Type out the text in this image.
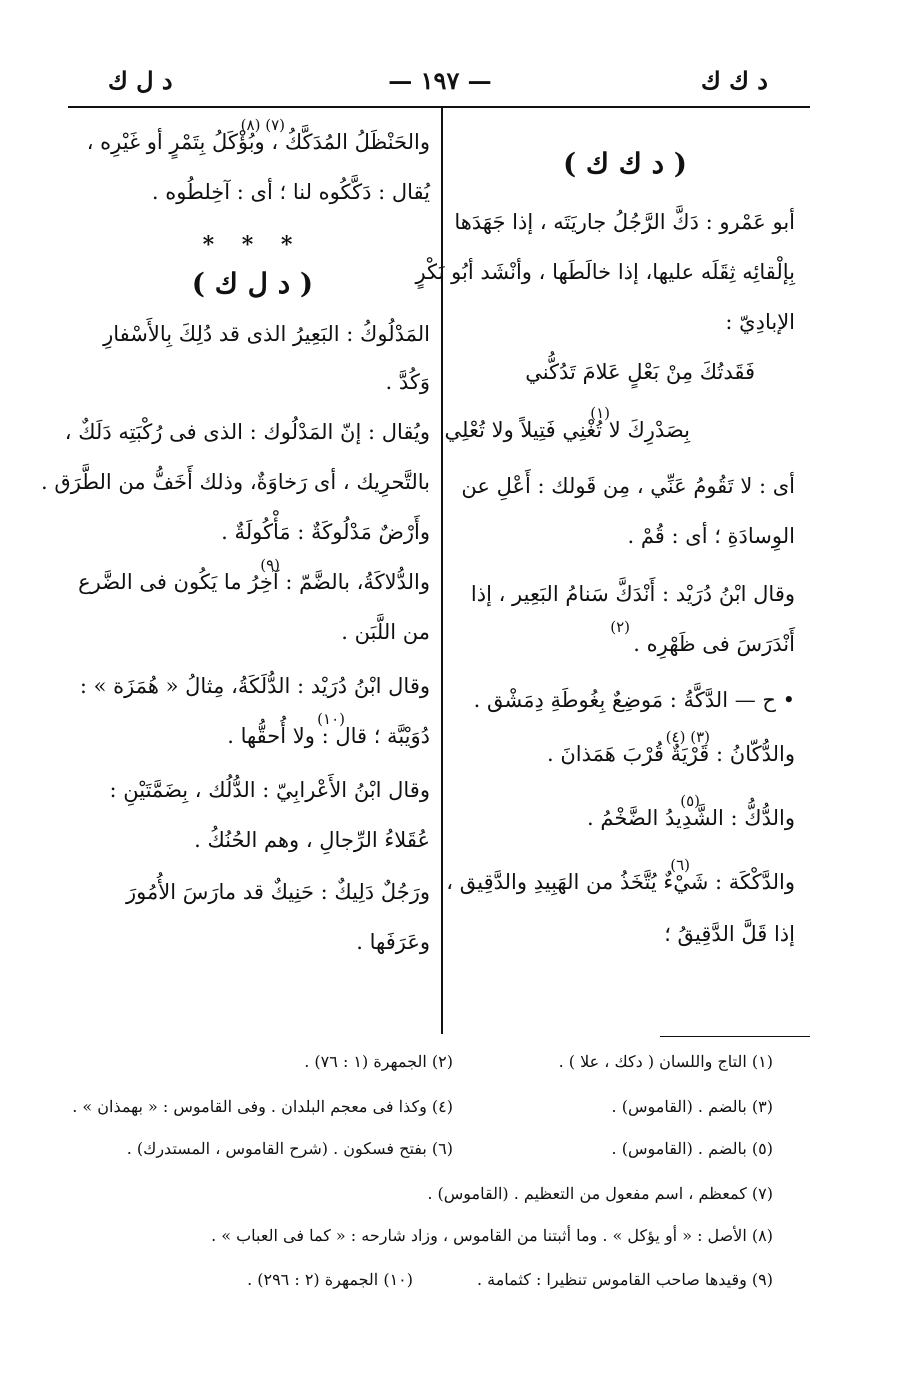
د ك ك
— ١٩٧ —
د ل ك
( د ك ك )
أبو عَمْرو : دَكَّ الرَّجُلُ جاريَتَه ، إذا جَهَدَها
بِإلْقائِه ثِقَلَه عليها، إذا خالَطَها ، وأنْشَد أبُو بَكْرٍ
الإبادِيّ :
فَقَدتُكَ مِنْ بَعْلٍ عَلامَ تَدُكُّني
(١)
بِصَدْرِكَ لا تُغْنِي فَتِيلاً ولا تُعْلِي
أى : لا تَقُومُ عَنِّي ، مِن قَولك : أَعْلِ عن
الوِسادَةِ ؛ أى : قُمْ .
وقال ابْنُ دُرَيْد : أَنْدَكَّ سَنامُ البَعِير ، إذا
(٢)
أَنْدَرَسَ فى ظَهْرِه .
• ح — الدَّكَّةُ : مَوضِعٌ بِغُوطَةِ دِمَشْق .
(٣) (٤)
والدُّكّانُ : قَرْيَةٌ قُرْبَ هَمَذانَ .
(٥)
والدُّكُّ : الشَّدِيدُ الضَّخْمُ .
(٦)
والدَّكْكَة : شَيْءٌ يُتَّخَذُ من الهَبِيدِ والدَّقِيق ،
إذا قَلَّ الدَّقِيقُ ؛
(٧) (٨)
والحَنْظَلُ المُدَكَّكُ ، وبُؤْكَلُ بِتَمْرٍ أو غَيْرِه ،
يُقال : دَكَّكُوه لنا ؛ أى : آخِلطُوه .
* * *
( د ل ك )
المَدْلُوكُ : البَعِيرُ الذى قد دُلِكَ بِالأَسْفارِ
وَكُدَّ .
ويُقال : إنّ المَدْلُوك : الذى فى رُكْبَتِه دَلَكٌ ،
بالتَّحرِيك ، أى رَخاوَةٌ، وذلك أَخَفُّ من الطَّرَق .
وأَرْضٌ مَدْلُوكَةٌ : مَأْكُولَةٌ .
(٩)
والدُّلاكَةُ، بالضَّمّ : آخِرُ ما يَكُون فى الضَّرع
من اللَّبَن .
وقال ابْنُ دُرَيْد : الدُّلَكَةُ، مِثالُ « هُمَزَة » :
(١٠)
دُوَيْبَّة ؛ قال : ولا أُحقُّها .
وقال ابْنُ الأَعْرابِيّ : الدُّلُك ، بِضَمَّتَيْنِ :
عُقَلاءُ الرِّجالِ ، وهم الحُنُكُ .
ورَجُلٌ دَلِيكٌ : حَنِيكٌ قد مارَسَ الأُمُورَ
وعَرَفَها .
(١) التاج واللسان ( دكك ، علا ) .
(٢) الجمهرة (١ : ٧٦) .
(٣) بالضم . (القاموس) .
(٤) وكذا فى معجم البلدان . وفى القاموس : « بهمذان » .
(٥) بالضم . (القاموس) .
(٦) بفتح فسكون . (شرح القاموس ، المستدرك) .
(٧) كمعظم ، اسم مفعول من التعظيم . (القاموس) .
(٨) الأصل : « أو يؤكل » . وما أثبتنا من القاموس ، وزاد شارحه : « كما فى العباب » .
(٩) وقيدها صاحب القاموس تنظيرا : كثمامة .
(١٠) الجمهرة (٢ : ٢٩٦) .
